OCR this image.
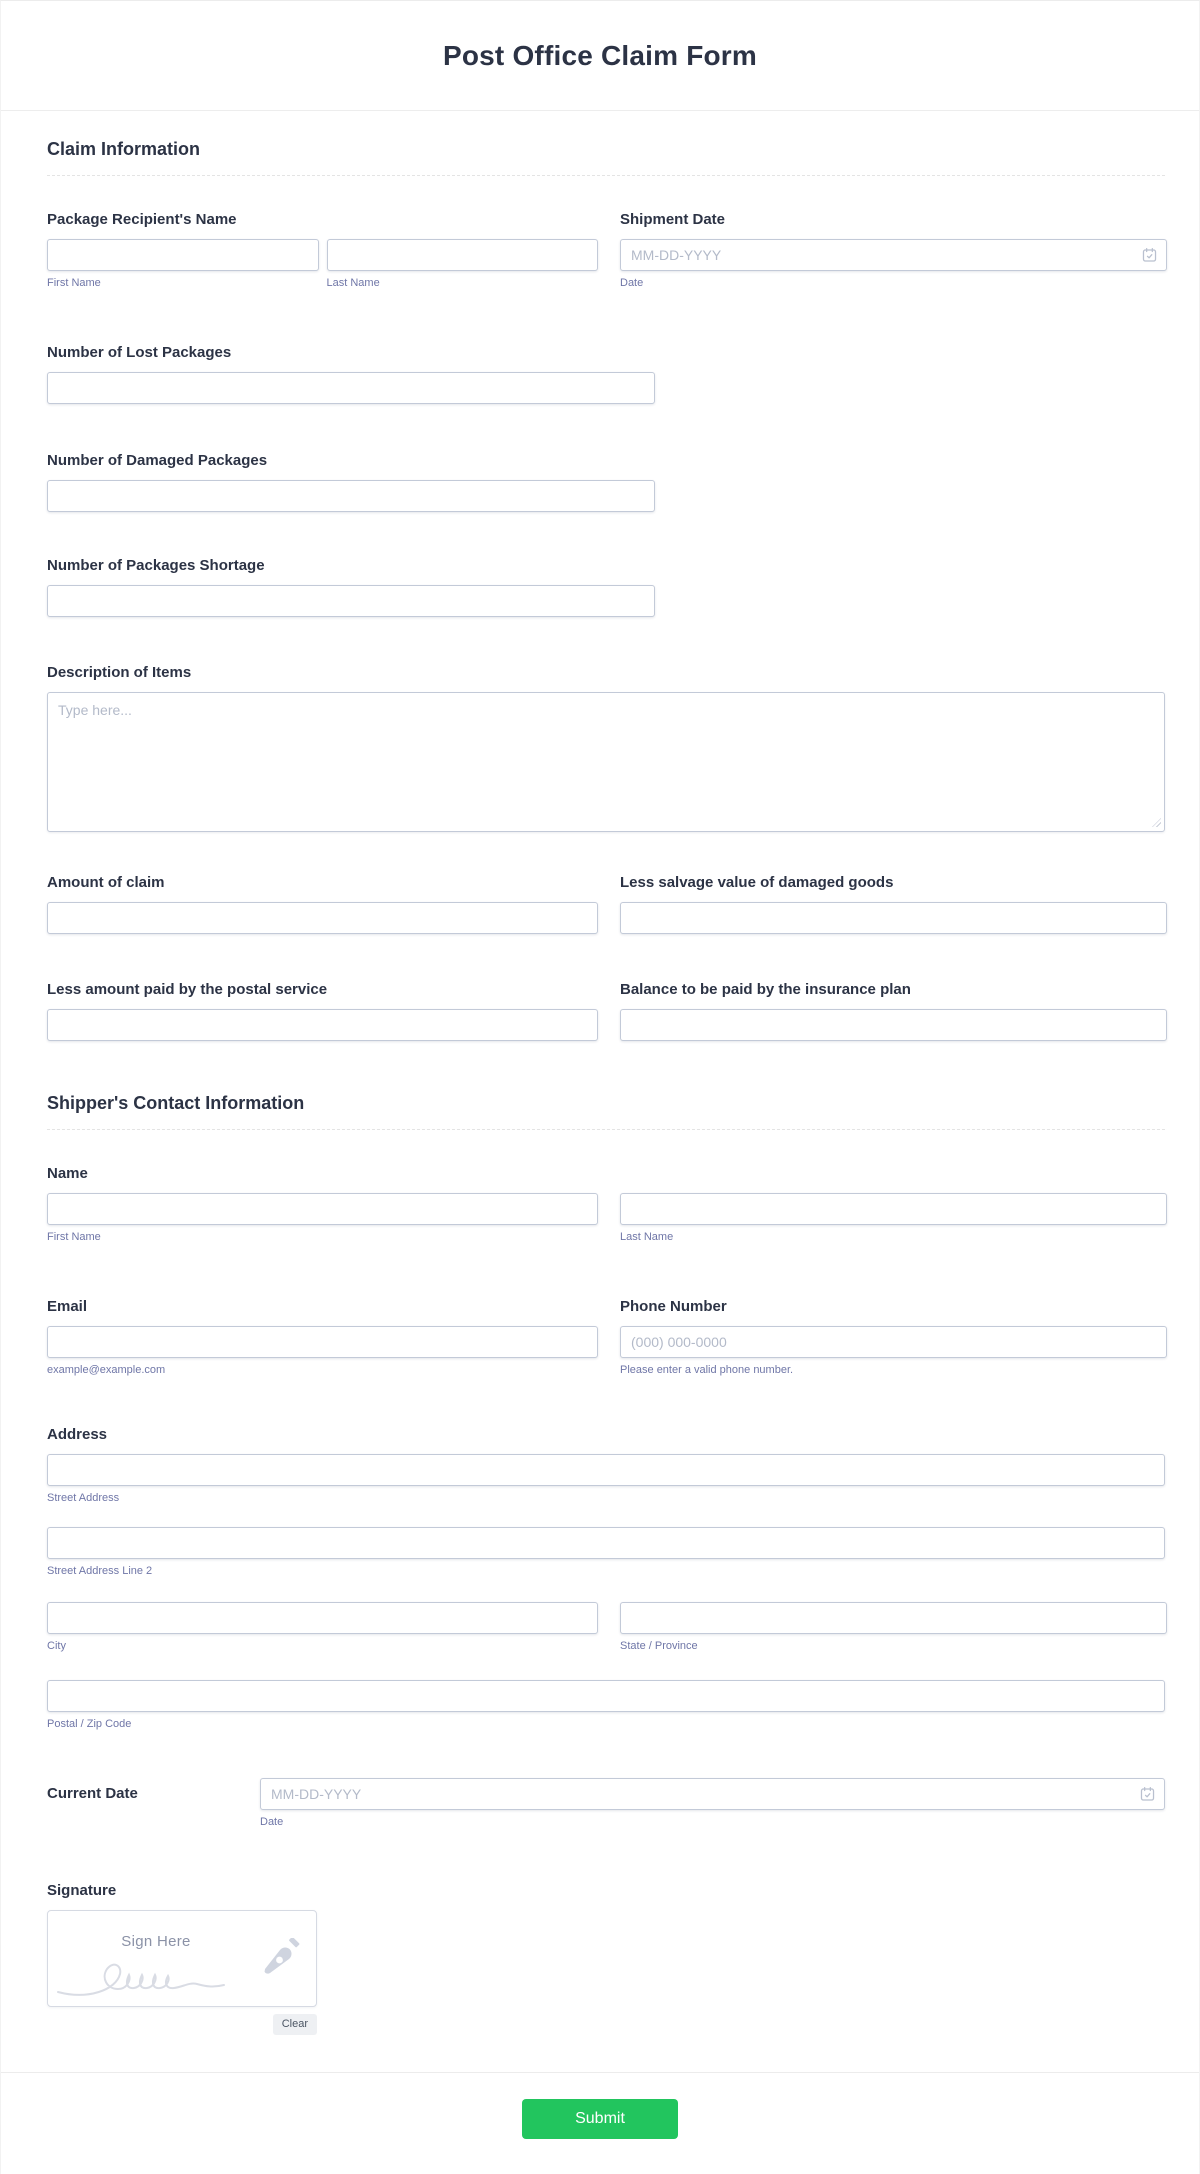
Post Office Claim Form
Claim Information
Package Recipient's Name
First Name	Last Name
Shipment Date
MM-DD-YYYY
Date
Number of Lost Packages
Number of Damaged Packages
Number of Packages Shortage
Description of Items
Type here...
Amount of claim	Less salvage value of damaged goods
Less amount paid by the postal service	Balance to be paid by the insurance plan
Shipper's Contact Information
Name
First Name	Last Name
Email
example@example.com
Phone Number
(000) 000-0000
Please enter a valid phone number.
Address
Street Address
Street Address Line 2
City	State / Province
Postal / Zip Code
Current Date
MM-DD-YYYY
Date
Signature
Sign Here
Clear
Submit
